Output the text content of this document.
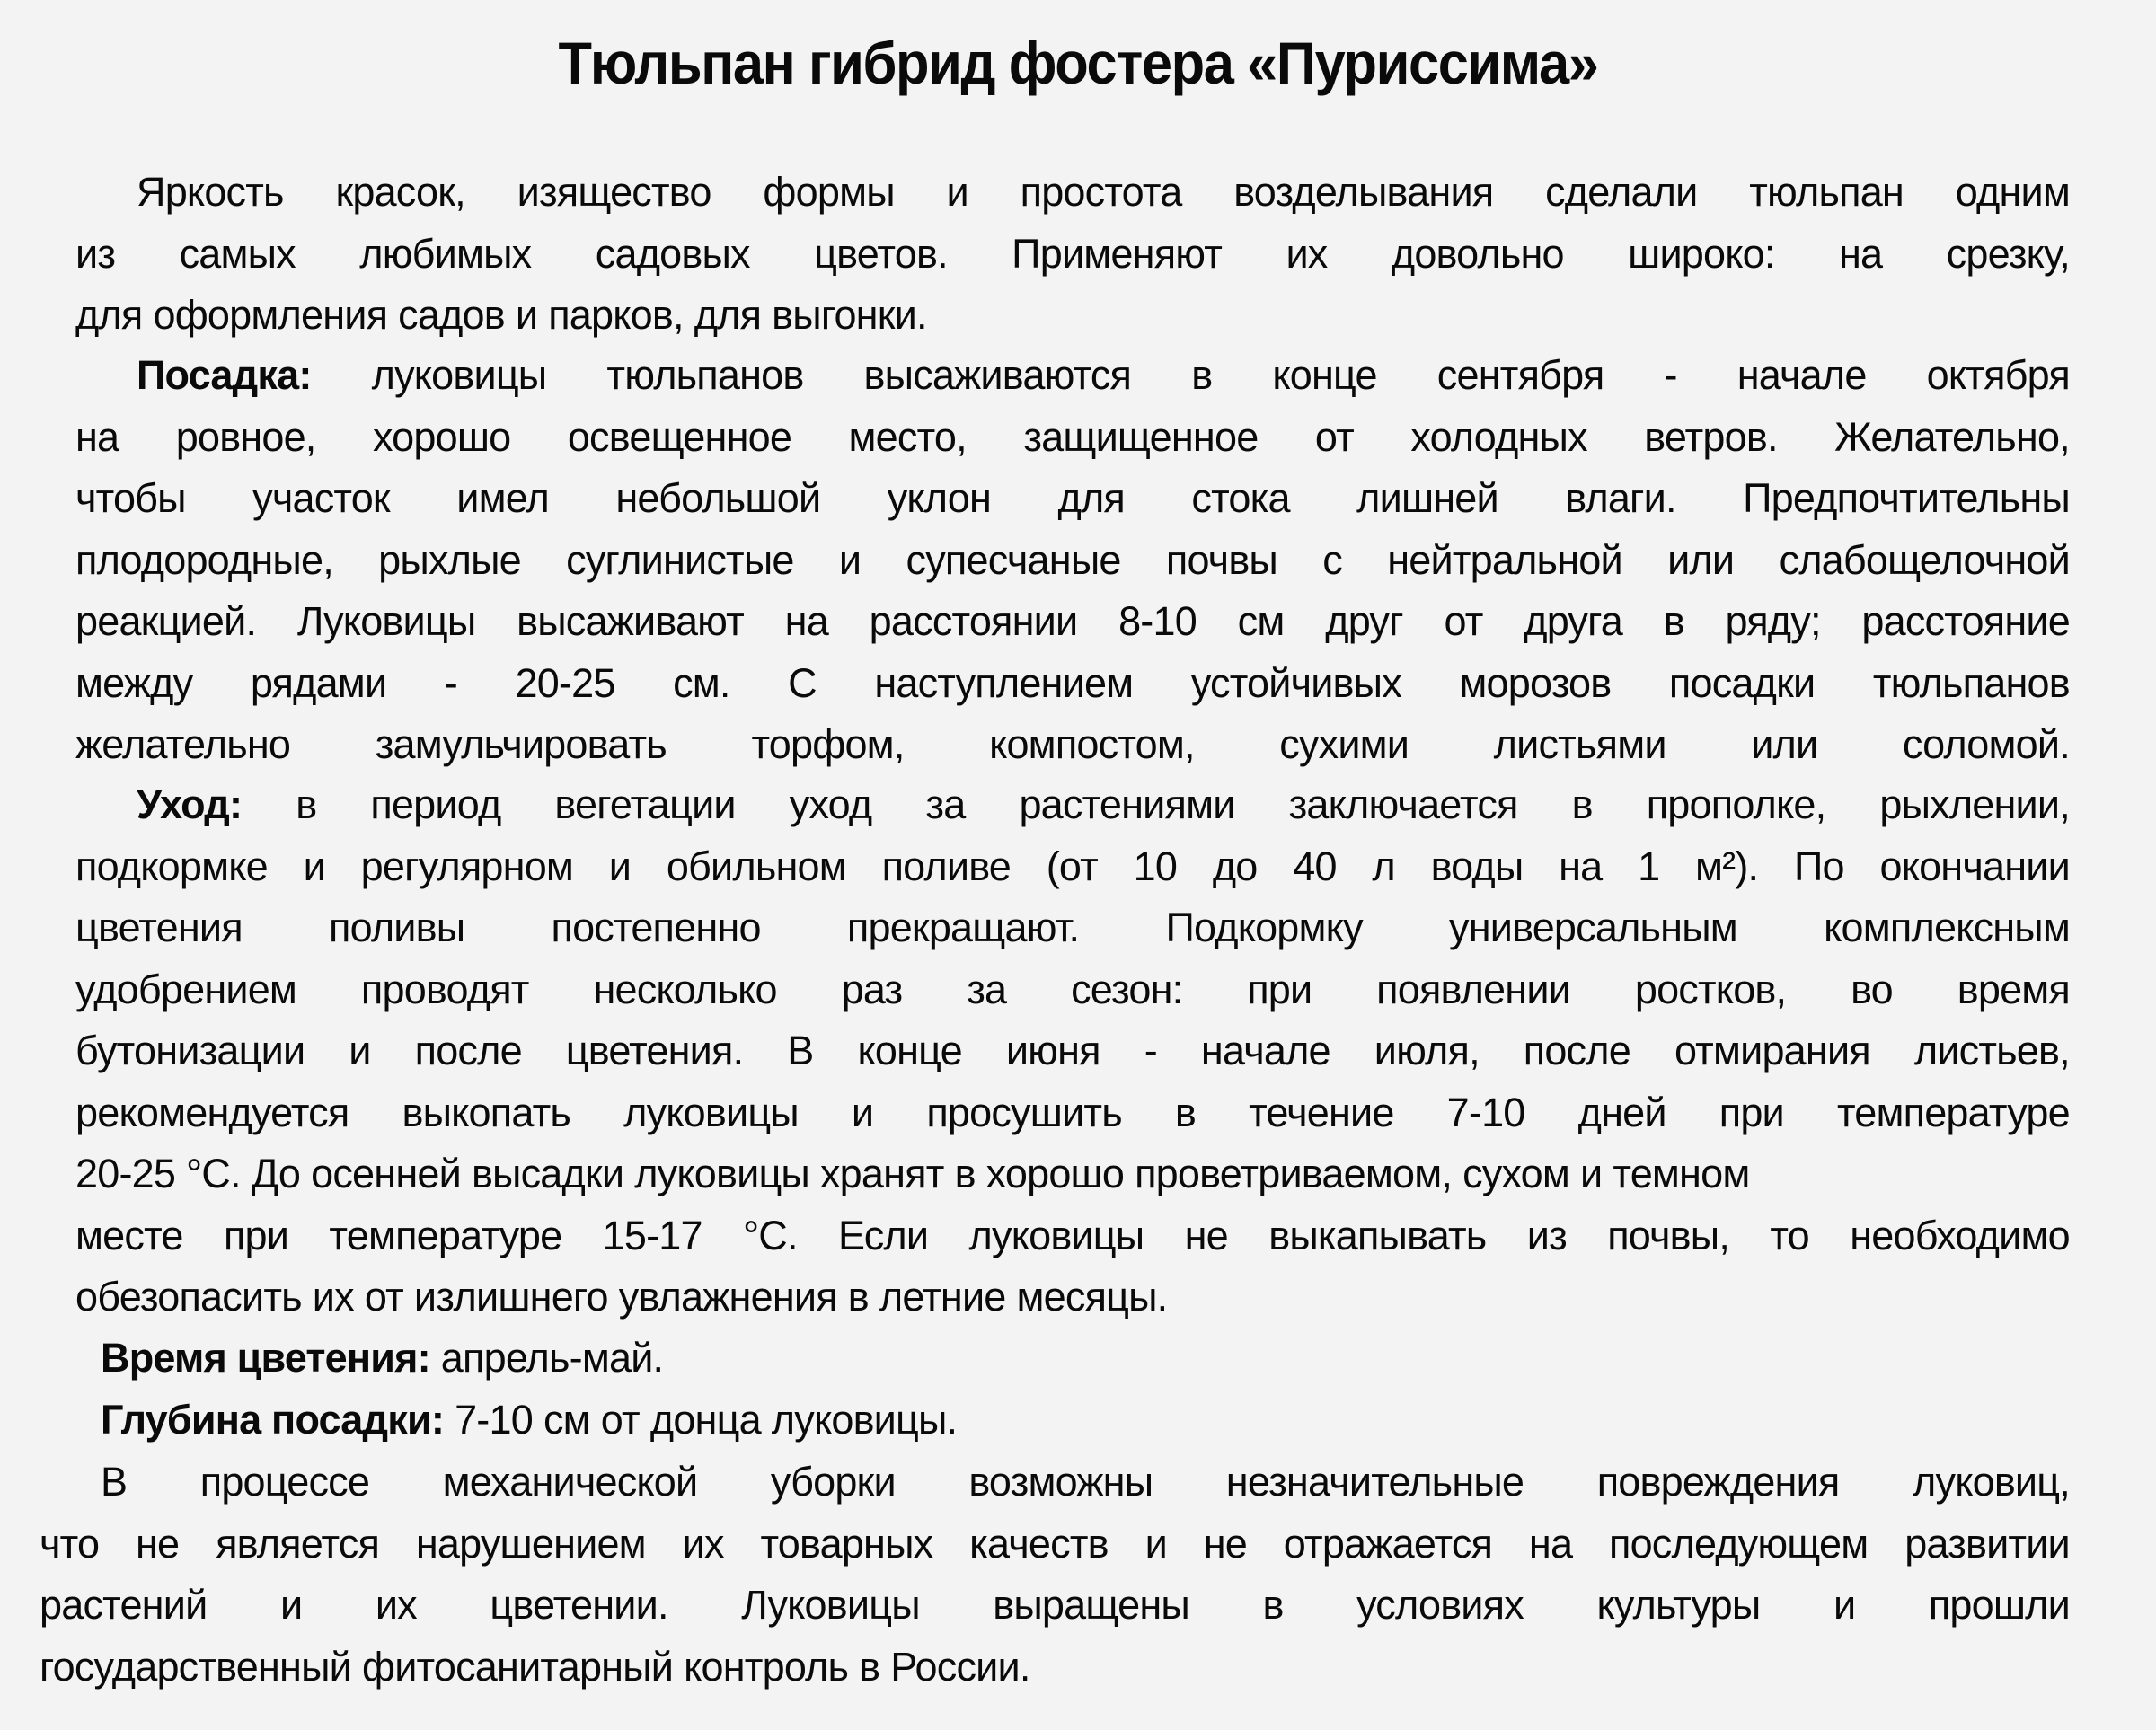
Тюльпан гибрид фостера «Пуриссима»
Яркость красок, изящество формы и простота возделывания сделали тюльпан одним
из самых любимых садовых цветов. Применяют их довольно широко: на срезку,
для оформления садов и парков, для выгонки.
Посадка: луковицы тюльпанов высаживаются в конце сентября - начале октября
на ровное, хорошо освещенное место, защищенное от холодных ветров. Желательно,
чтобы участок имел небольшой уклон для стока лишней влаги. Предпочтительны
плодородные, рыхлые суглинистые и супесчаные почвы с нейтральной или слабощелочной
реакцией. Луковицы высаживают на расстоянии 8-10 см друг от друга в ряду; расстояние
между рядами - 20-25 см. С наступлением устойчивых морозов посадки тюльпанов
желательно замульчировать торфом, компостом, сухими листьями или соломой.
Уход: в период вегетации уход за растениями заключается в прополке, рыхлении,
подкормке и регулярном и обильном поливе (от 10 до 40 л воды на 1 м²). По окончании
цветения поливы постепенно прекращают. Подкормку универсальным комплексным
удобрением проводят несколько раз за сезон: при появлении ростков, во время
бутонизации и после цветения. В конце июня - начале июля, после отмирания листьев,
рекомендуется выкопать луковицы и просушить в течение 7-10 дней при температуре
20-25 °С. До осенней высадки луковицы хранят в хорошо проветриваемом, сухом и темном
месте при температуре 15-17 °С. Если луковицы не выкапывать из почвы, то необходимо
обезопасить их от излишнего увлажнения в летние месяцы.
Время цветения: апрель-май.
Глубина посадки: 7-10 см от донца луковицы.
В процессе механической уборки возможны незначительные повреждения луковиц,
что не является нарушением их товарных качеств и не отражается на последующем развитии
растений и их цветении. Луковицы выращены в условиях культуры и прошли
государственный фитосанитарный контроль в России.
